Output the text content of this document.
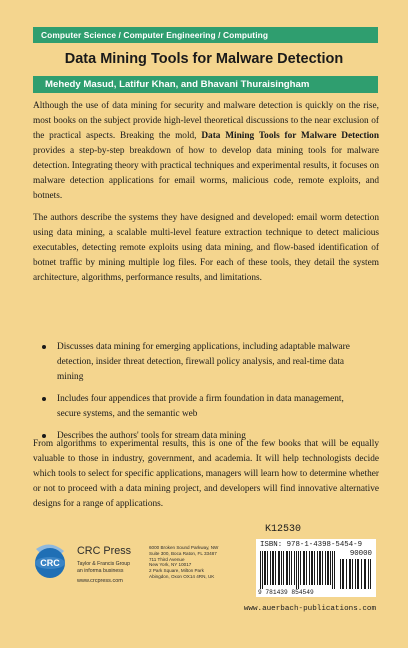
Computer Science / Computer Engineering / Computing
Data Mining Tools for Malware Detection
Mehedy Masud, Latifur Khan, and Bhavani Thuraisingham

Although the use of data mining for security and malware detection is quickly on the rise, most books on the subject provide high-level theoretical discussions to the near exclusion of the practical aspects. Breaking the mold, Data Mining Tools for Malware Detection provides a step-by-step breakdown of how to develop data mining tools for malware detection. Integrating theory with practical techniques and experimental results, it focuses on malware detection applications for email worms, malicious code, remote exploits, and botnets.

The authors describe the systems they have designed and developed: email worm detection using data mining, a scalable multi-level feature extraction technique to detect malicious executables, detecting remote exploits using data mining, and flow-based identification of botnet traffic by mining multiple log files. For each of these tools, they detail the system architecture, algorithms, performance results, and limitations.

Discusses data mining for emerging applications, including adaptable malware detection, insider threat detection, firewall policy analysis, and real-time data mining
Includes four appendices that provide a firm foundation in data management, secure systems, and the semantic web
Describes the authors' tools for stream data mining

From algorithms to experimental results, this is one of the few books that will be equally valuable to those in industry, government, and academia. It will help technologists decide which tools to select for specific applications, managers will learn how to determine whether or not to proceed with a data mining project, and developers will find innovative alternative designs for a range of applications.

CRC
CRC Press
Taylor & Francis Group
an informa business
www.crcpress.com
6000 Broken Sound Parkway, NW
Suite 300, Boca Raton, FL 33487
711 Third Avenue
New York, NY 10017
2 Park Square, Milton Park
Abingdon, Oxon OX14 4RN, UK
K12530
ISBN: 978-1-4398-5454-9
90000
9 781439 854549
www.auerbach-publications.com
